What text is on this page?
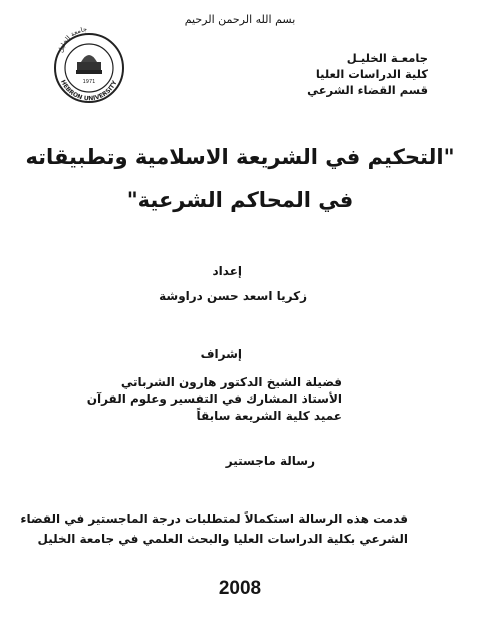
بسم الله الرحمن الرحيم
جامعـة الخليـل
كلية الدراسات العليا
قسم القضاء الشرعي
جامعة الخليل
HEBRON UNIVERSITY
1971
"التحكيم في الشريعة الاسلامية وتطبيقاته
في المحاكم الشرعية"
إعداد
زكريا اسعد حسن دراوشة
إشراف
فضيلة الشيخ الدكتور هارون الشرباتي
الأستاذ المشارك في التفسير وعلوم القرآن
عميد كلية الشريعة سابقاً
رسالة ماجستير
قدمت هذه الرسالة استكمالاً لمتطلبات درجة الماجستير في القضاء
الشرعي بكلية الدراسات العليا والبحث العلمي في جامعة الخليل
2008
